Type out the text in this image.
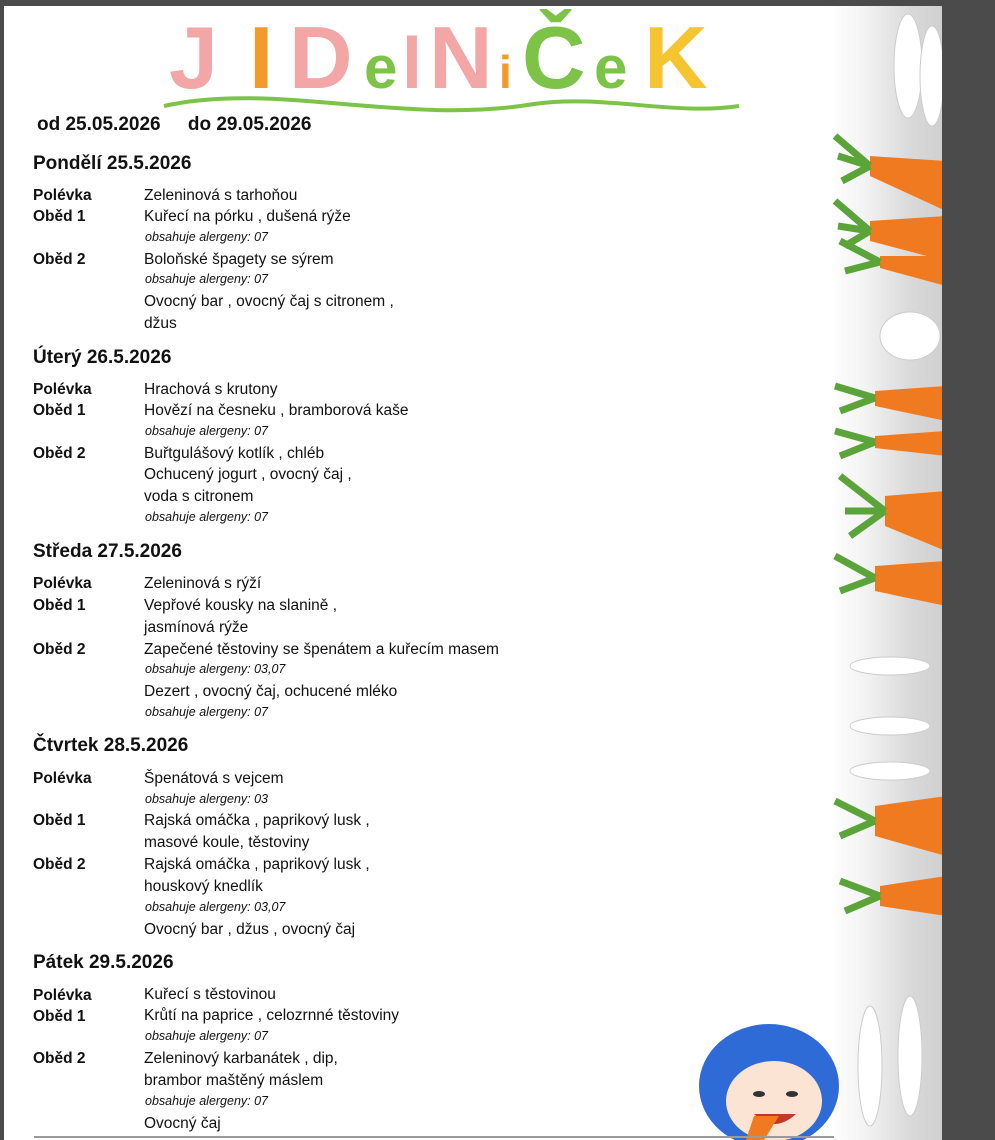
J I D e l N i Č e K
od 25.05.2026 do 29.05.2026
Pondělí 25.5.2026
Polévka	Zeleninová s tarhoňou
Oběd 1	Kuřecí na pórku , dušená rýže
obsahuje alergeny: 07
Oběd 2	Boloňské špagety se sýrem
obsahuje alergeny: 07
Ovocný bar , ovocný čaj s citronem ,
džus
Úterý 26.5.2026
Polévka	Hrachová s krutony
Oběd 1	Hovězí na česneku , bramborová kaše
obsahuje alergeny: 07
Oběd 2	Buřtgulášový kotlík , chléb
Ochucený jogurt , ovocný čaj ,
voda s citronem
obsahuje alergeny: 07
Středa 27.5.2026
Polévka	Zeleninová s rýží
Oběd 1	Vepřové kousky na slanině ,
jasmínová rýže
Oběd 2	Zapečené těstoviny se špenátem a kuřecím masem
obsahuje alergeny: 03,07
Dezert , ovocný čaj, ochucené mléko
obsahuje alergeny: 07
Čtvrtek 28.5.2026
Polévka	Špenátová s vejcem
obsahuje alergeny: 03
Oběd 1	Rajská omáčka , paprikový lusk ,
masové koule, těstoviny
Oběd 2	Rajská omáčka , paprikový lusk ,
houskový knedlík
obsahuje alergeny: 03,07
Ovocný bar , džus , ovocný čaj
Pátek 29.5.2026
Polévka	Kuřecí s těstovinou
Oběd 1	Krůtí na paprice , celozrnné těstoviny
obsahuje alergeny: 07
Oběd 2	Zeleninový karbanátek , dip,
brambor maštěný máslem
obsahuje alergeny: 07
Ovocný čaj
